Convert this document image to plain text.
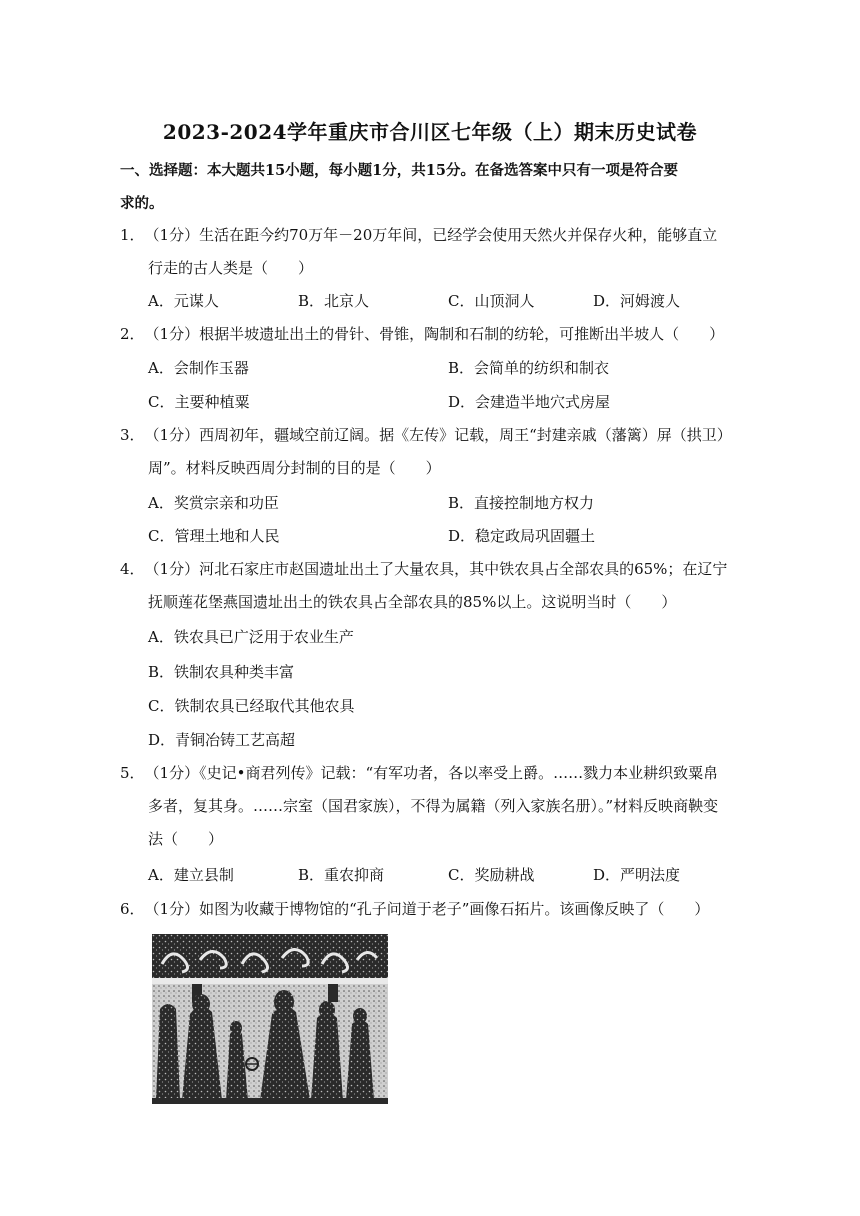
2023-2024学年重庆市合川区七年级（上）期末历史试卷
一、选择题：本大题共15小题，每小题1分，共15分。在备选答案中只有一项是符合要
求的。
1．（1分）生活在距今约70万年－20万年间，已经学会使用天然火并保存火种，能够直立
行走的古人类是（　　）
A．元谋人	B．北京人	C．山顶洞人	D．河姆渡人
2．（1分）根据半坡遗址出土的骨针、骨锥，陶制和石制的纺轮，可推断出半坡人（　　）
A．会制作玉器	B．会简单的纺织和制衣
C．主要种植粟	D．会建造半地穴式房屋
3．（1分）西周初年，疆域空前辽阔。据《左传》记载，周王“封建亲戚（藩篱）屏（拱卫）
周”。材料反映西周分封制的目的是（　　）
A．奖赏宗亲和功臣	B．直接控制地方权力
C．管理土地和人民	D．稳定政局巩固疆土
4．（1分）河北石家庄市赵国遗址出土了大量农具，其中铁农具占全部农具的65%；在辽宁
抚顺莲花堡燕国遗址出土的铁农具占全部农具的85%以上。这说明当时（　　）
A．铁农具已广泛用于农业生产
B．铁制农具种类丰富
C．铁制农具已经取代其他农具
D．青铜冶铸工艺高超
5．（1分）《史记•商君列传》记载：“有军功者，各以率受上爵。……戮力本业耕织致粟帛
多者，复其身。……宗室（国君家族），不得为属籍（列入家族名册）。”材料反映商鞅变
法（　　）
A．建立县制	B．重农抑商	C．奖励耕战	D．严明法度
6．（1分）如图为收藏于博物馆的“孔子问道于老子”画像石拓片。该画像反映了（　　）
